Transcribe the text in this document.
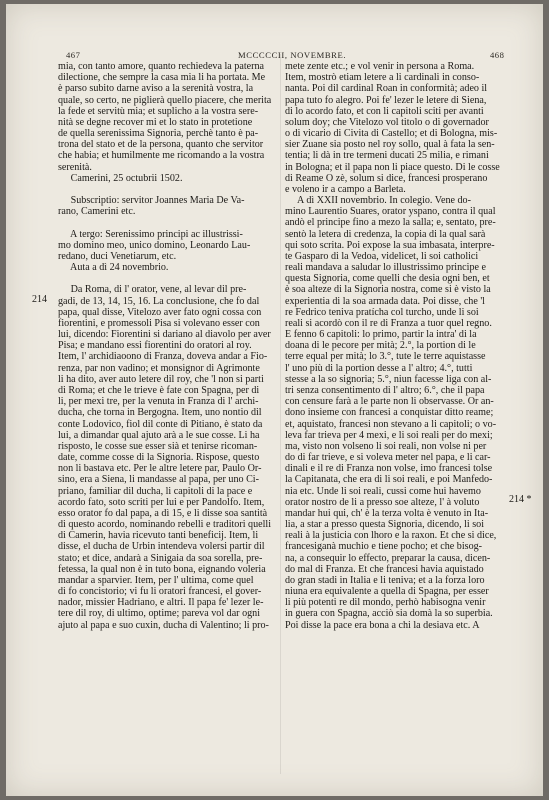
467	MCCCCCII, NOVEMBRE.	468
214
214 *
mia, con tanto amore, quanto rechiedeva la paterna
dilectione, che sempre la casa mia li ha portata. Me
è parso subito darne aviso a la serenità vostra, la
quale, so certo, ne piglierà quello piacere, che merita
la fede et servitù mia; et suplicho a la vostra sere-
nità se degne recover mi et lo stato in protetione
de quella serenissima Signoria, perchè tanto è pa-
trona del stato et de la persona, quanto che servitor
che habia; et humilmente me ricomando a la vostra
serenità.
Camerini, 25 octubrii 1502.
Subscriptio: servitor Joannes Maria De Va-
rano, Camerini etc.
A tergo: Serenissimo principi ac illustrissi-
mo domino meo, unico domino, Leonardo Lau-
redano, duci Venetiarum, etc.
Auta a dì 24 novembrio.
Da Roma, di l' orator, vene, al levar dil pre-
gadi, de 13, 14, 15, 16. La conclusione, che fo dal
papa, qual disse, Vitelozo aver fato ogni cossa con
fiorentini, e promessoli Pisa si volevano esser con
lui, dicendo: Fiorentini si dariano al diavolo per aver
Pisa; e mandano essi fiorentini do oratori al roy.
Item, l' archidiaoono di Franza, doveva andar a Fio-
renza, par non vadino; et monsignor di Agrimonte
li ha dito, aver auto letere dil roy, che 'l non si parti
di Roma; et che le trieve è fate con Spagna, per di
li, per mexi tre, per la venuta in Franza di l' archi-
ducha, che torna in Bergogna. Item, uno nontio dil
conte Lodovico, fiol dil conte di Pitiano, è stato da
lui, a dimandar qual ajuto arà a le sue cosse. Li ha
risposto, le cosse sue esser sià et tenirse ricoman-
date, comme cosse di la Signoria. Rispose, questo
non li bastava etc. Per le altre letere par, Paulo Or-
sino, era a Siena, li mandasse al papa, per uno Ci-
priano, familiar dil ducha, li capitoli di la pace e
acordo fato, soto scriti per lui e per Pandolfo. Item,
esso orator fo dal papa, a dì 15, e li disse soa santità
di questo acordo, nominando rebelli e traditori quelli
di Camerin, havia ricevuto tanti beneficij. Item, li
disse, el ducha de Urbin intendeva volersi partir dil
stato; et dice, andarà a Sinigaia da soa sorella, pre-
fetessa, la qual non è in tuto bona, eignando voleria
mandar a sparvier. Item, per l' ultima, come quel
di fo concistorio; vi fu li oratori francesi, el gover-
nador, missier Hadriano, e altri. Il papa fe' lezer le-
tere dil roy, di ultimo, optime; pareva vol dar ogni
ajuto al papa e suo cuxin, ducha di Valentino; li pro-
mete zente etc.; e vol venir in persona a Roma.
Item, mostrò etiam letere a li cardinali in conso-
nanta. Poi dil cardinal Roan in conformità; adeo il
papa tuto fo alegro. Poi fe' lezer le letere di Siena,
di lo acordo fato, et con li capitoli sciti per avanti
solum doy; che Vitelozo vol titolo o di governador
o di vicario di Civita di Castello; et di Bologna, mis-
sier Zuane sia posto nel roy sollo, qual à fata la sen-
tentia; li dà in tre termeni ducati 25 milia, e rimani
in Bologna; et il papa non li piace questo. Di le cosse
di Reame O zè, solum si dice, francesi prosperano
e voleno ir a campo a Barleta.
A dì XXII novembrio. In colegio. Vene do-
mino Laurentio Suares, orator yspano, contra il qual
andò el principe fino a mezo la salla; e, sentato, pre-
sentò la letera di credenza, la copia di la qual sarà
qui soto scrita. Poi expose la sua imbasata, interpre-
te Gasparo di la Vedoa, videlicet, li soi catholici
reali mandava a saludar lo illustrissimo principe e
questa Signoria, come quelli che desia ogni ben, et
è soa alteze di la Signoria nostra, come si è visto la
experientia di la soa armada data. Poi disse, che 'l
re Fedrico teniva pratícha col turcho, unde li soi
reali si acordò con il re di Franza a tuor quel regno.
E fenno 6 capitoli: lo primo, partir la intra' di la
doana di le pecore per mità; 2.°, la portion di le
terre equal per mità; lo 3.°, tute le terre aquistasse
l' uno più di la portion desse a l' altro; 4.°, tutti
stesse a la so signoria; 5.°, niun facesse liga con al-
tri senza consentimento di l' altro; 6.°, che il papa
con censure farà a le parte non li observasse. Or an-
dono insieme con francesi a conquistar ditto reame;
et, aquistato, francesi non stevano a li capitoli; o vo-
leva far trieva per 4 mexi, e li soi reali per do mexi;
ma, visto non volseno li soi reali, non volse ni per
do di far trieve, e si voleva meter nel papa, e li car-
dinali e il re di Franza non volse, imo francesi tolse
la Capitanata, che era di li soi reali, e poi Manfedo-
nia etc. Unde li soi reali, cussi come hui havemo
orator nostro de li a presso soe alteze, l' à voluto
mandar hui qui, ch' è la terza volta è venuto in Ita-
lia, a star a presso questa Signoria, dicendo, li soi
reali à la justicia con lhoro e la raxon. Et che si dice,
francesiganà muchio e tiene pocho; et che bisog-
na, a consequir lo effecto, preparar la causa, dicen-
do mal di Franza. Et che francesi havia aquistado
do gran stadi in Italia e li teniva; et a la forza loro
niuna era equivalente a quella di Spagna, per esser
li più potenti re dil mondo, perhò habisogna venir
in guera con Spagna, acciò sia domà la so superbia.
Poi disse la pace era bona a chi la desiava etc. A
